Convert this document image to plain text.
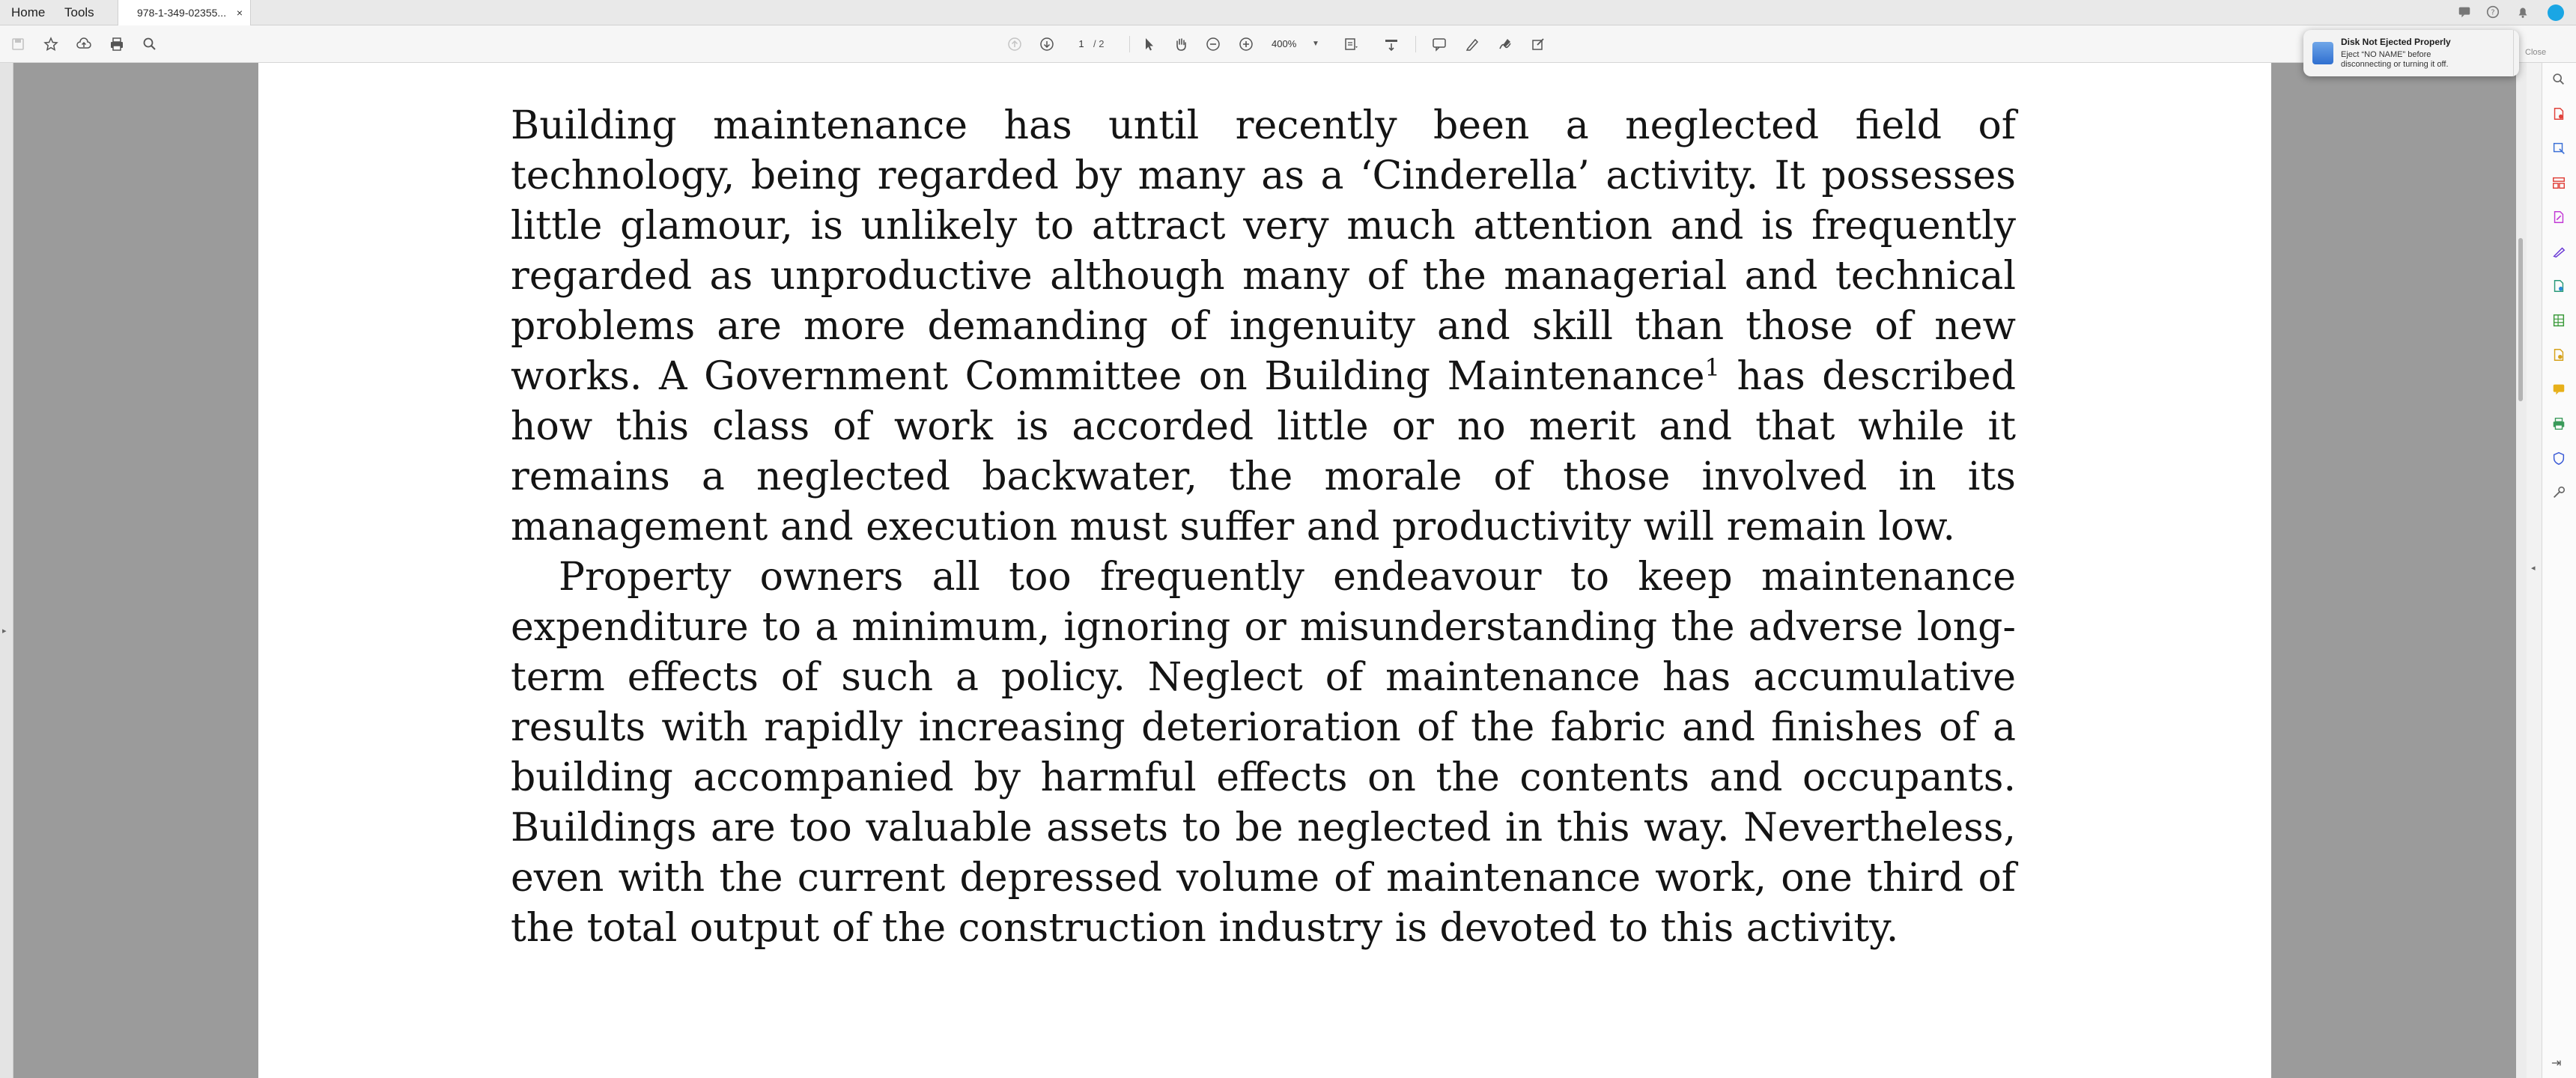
Home Tools	978-1-349-02355... ×	?
1 / 2	400%	▼
▸

Building maintenance has until recently been a neglected field of technology, being regarded by many as a ‘Cinderella’ activity. It possesses little glamour, is unlikely to attract very much attention and is frequently regarded as unproductive although many of the managerial and technical problems are more demanding of ingenuity and skill than those of new works. A Government Committee on Building Maintenance$^1$ has described how this class of work is accorded little or no merit and that while it remains a neglected backwater, the morale of those involved in its management and execution must suffer and productivity will remain low.

Property owners all too frequently endeavour to keep maintenance expenditure to a minimum, ignoring or misunderstanding the adverse long-term effects of such a policy. Neglect of maintenance has accumulative results with rapidly increasing deterioration of the fabric and finishes of a building accompanied by harmful effects on the contents and occupants. Buildings are too valuable assets to be neglected in this way. Nevertheless, even with the current depressed volume of maintenance work, one third of the total output of the construction industry is devoted to this activity.

◂
⇥
Disk Not Ejected Properly
Eject “NO NAME” before disconnecting or turning it off.
Close
